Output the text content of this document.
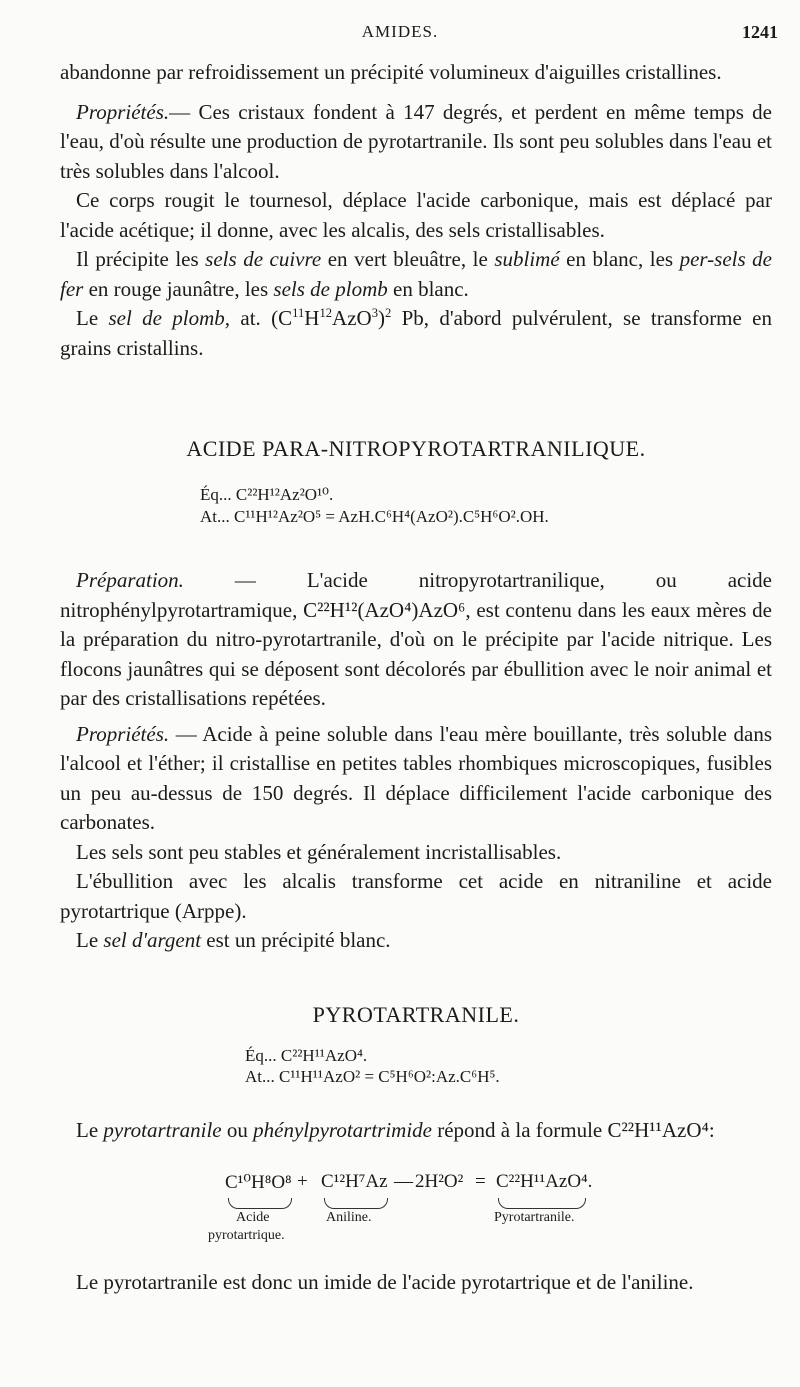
AMIDES.	1241

abandonne par refroidissement un précipité volumineux d'aiguilles cristallines.

Propriétés.— Ces cristaux fondent à 147 degrés, et perdent en même temps de l'eau, d'où résulte une production de pyrotartranile. Ils sont peu solubles dans l'eau et très solubles dans l'alcool.

Ce corps rougit le tournesol, déplace l'acide carbonique, mais est déplacé par l'acide acétique; il donne, avec les alcalis, des sels cristallisables.

Il précipite les sels de cuivre en vert bleuâtre, le sublimé en blanc, les per-sels de fer en rouge jaunâtre, les sels de plomb en blanc.

Le sel de plomb, at. $(C^{11}H^{12}AzO^3)^2$ Pb, d'abord pulvérulent, se transforme en grains cristallins.

ACIDE PARA-NITROPYROTARTRANILIQUE.
Éq... C²²H¹²Az²O¹⁰.
At... C¹¹H¹²Az²O⁵ = AzH.C⁶H⁴(AzO²).C⁵H⁶O².OH.

Préparation. — L'acide nitropyrotartranilique, ou acide nitrophénylpyrotartramique, C²²H¹²(AzO⁴)AzO⁶, est contenu dans les eaux mères de la préparation du nitro-pyrotartranile, d'où on le précipite par l'acide nitrique. Les flocons jaunâtres qui se déposent sont décolorés par ébullition avec le noir animal et par des cristallisations repétées.

Propriétés. — Acide à peine soluble dans l'eau mère bouillante, très soluble dans l'alcool et l'éther; il cristallise en petites tables rhombiques microscopiques, fusibles un peu au-dessus de 150 degrés. Il déplace difficilement l'acide carbonique des carbonates.

Les sels sont peu stables et généralement incristallisables.

L'ébullition avec les alcalis transforme cet acide en nitraniline et acide pyrotartrique (Arppe).

Le sel d'argent est un précipité blanc.

PYROTARTRANILE.
Éq... C²²H¹¹AzO⁴.
At... C¹¹H¹¹AzO² = C⁵H⁶O²:Az.C⁶H⁵.

Le pyrotartranile ou phénylpyrotartrimide répond à la formule C²²H¹¹AzO⁴:

C¹⁰H⁸O⁸ + C¹²H⁷Az — 2H²O² = C²²H¹¹AzO⁴.
Acide
pyrotartrique.
Aniline.	Pyrotartranile.

Le pyrotartranile est donc un imide de l'acide pyrotartrique et de l'aniline.
